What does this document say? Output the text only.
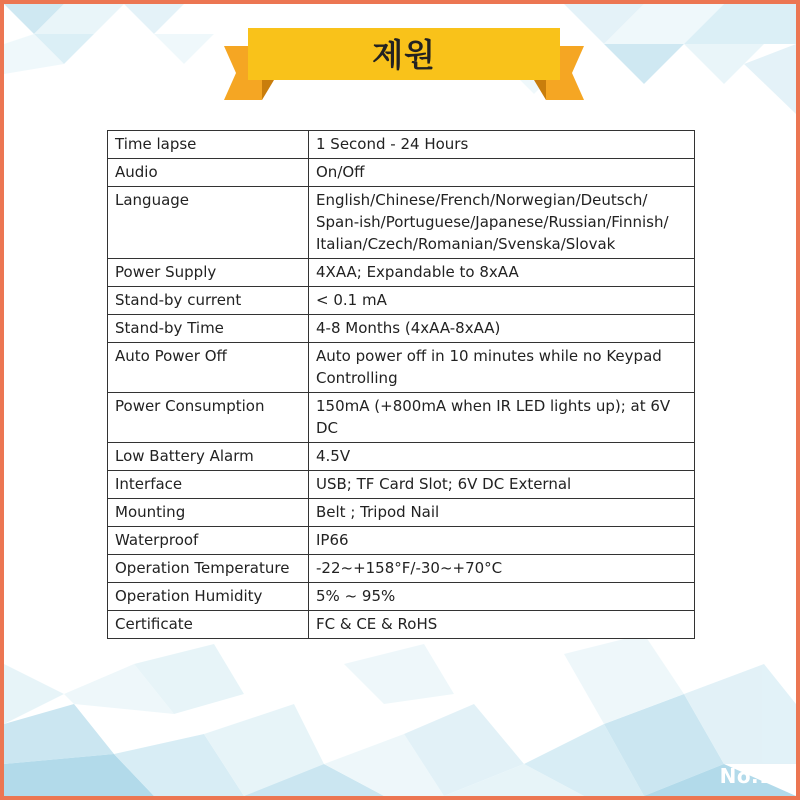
제원
Time lapse	1 Second - 24 Hours
Audio	On/Off
Language	English/Chinese/French/Norwegian/Deutsch/ Span-ish/Portuguese/Japanese/Russian/Finnish/ Italian/Czech/Romanian/Svenska/Slovak
Power Supply	4XAA; Expandable to 8xAA
Stand-by current	< 0.1 mA
Stand-by Time	4-8 Months (4xAA-8xAA)
Auto Power Off	Auto power off in 10 minutes while no Keypad Controlling
Power Consumption	150mA (+800mA when IR LED lights up); at 6V DC
Low Battery Alarm	4.5V
Interface	USB; TF Card Slot; 6V DC External
Mounting	Belt ; Tripod Nail
Waterproof	IP66
Operation Temperature	-22~+158°F/-30~+70°C
Operation Humidity	5% ~ 95%
Certificate	FC & CE & RoHS
No.15
